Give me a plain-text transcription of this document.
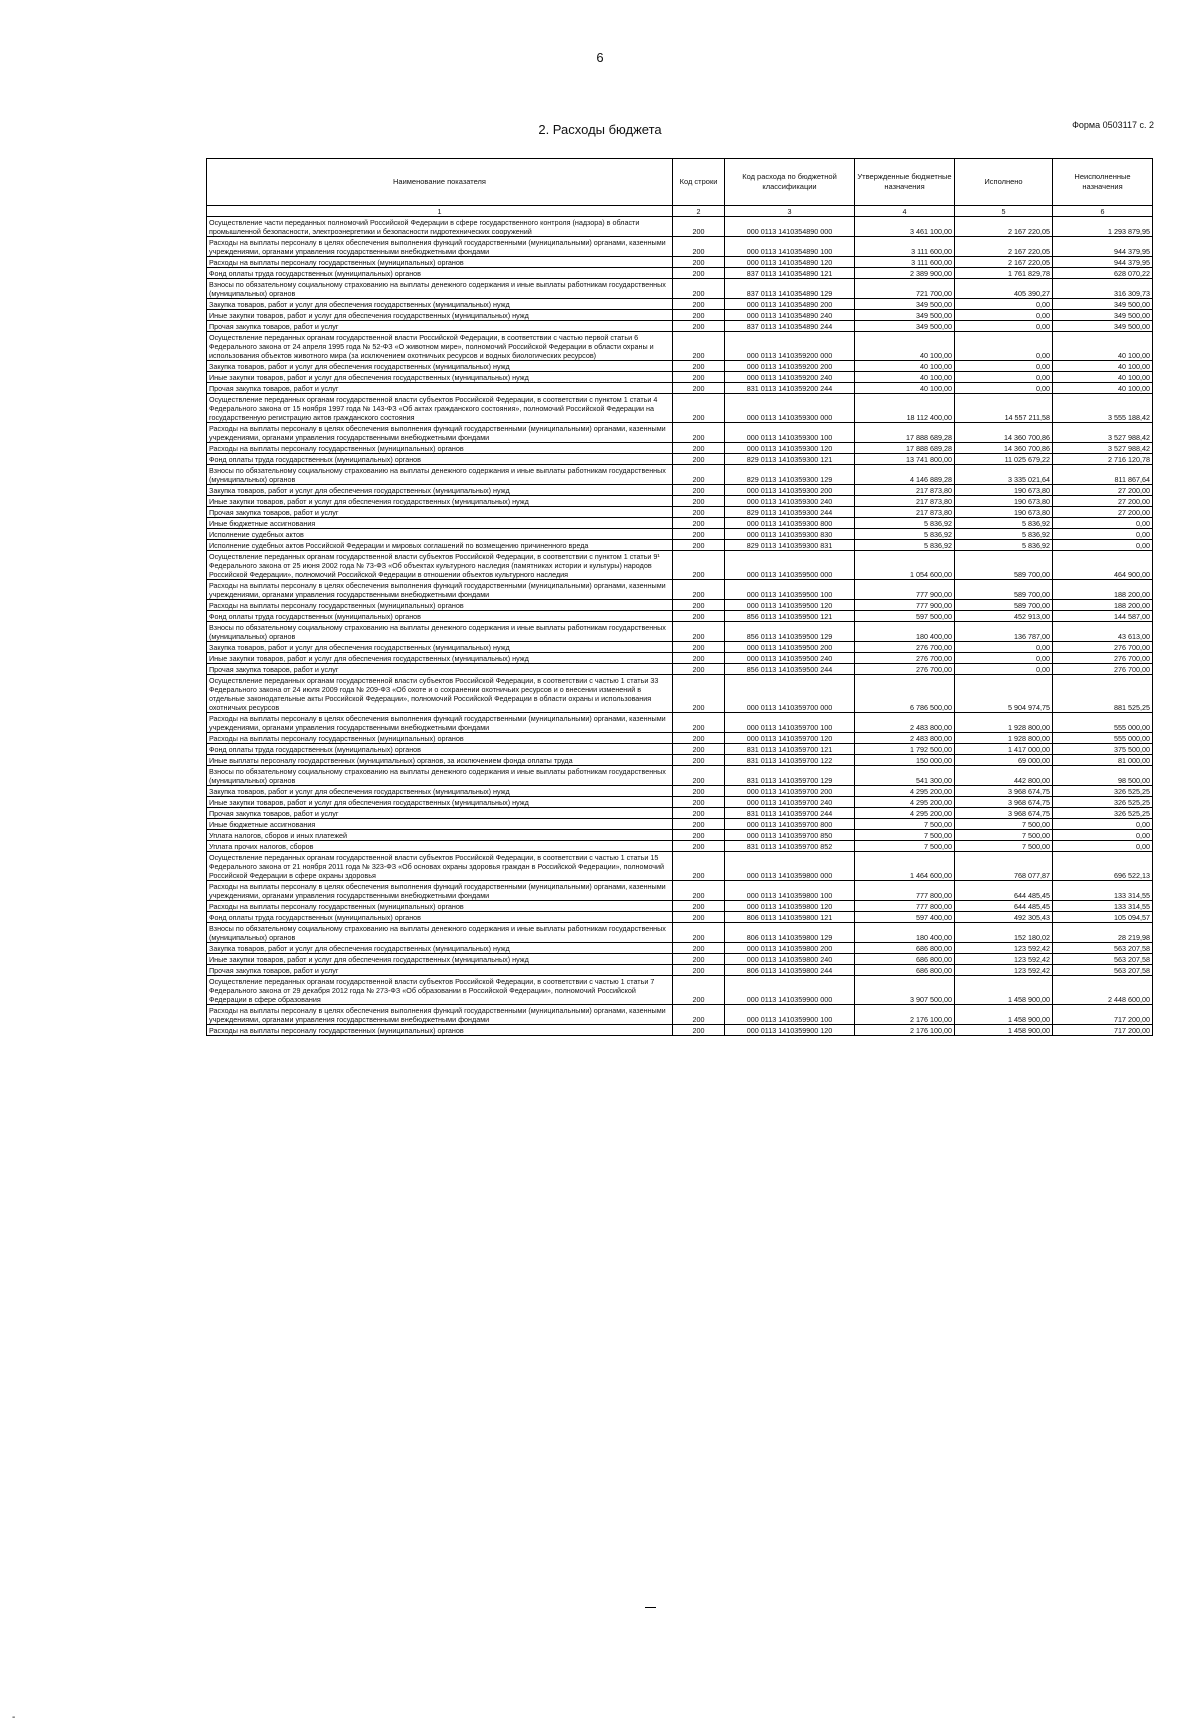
6
Форма 0503117 с. 2
2. Расходы бюджета
Наименование показателя	Код строки	Код расхода по бюджетной классификации	Утвержденные бюджетные назначения	Исполнено	Неисполненные назначения
1	2	3	4	5	6
Осуществление части переданных полномочий Российской Федерации в сфере государственного контроля (надзора) в области промышленной безопасности, электроэнергетики и безопасности гидротехнических сооружений	200	000 0113 1410354890 000	3 461 100,00	2 167 220,05	1 293 879,95
Расходы на выплаты персоналу в целях обеспечения выполнения функций государственными (муниципальными) органами, казенными учреждениями, органами управления государственными внебюджетными фондами	200	000 0113 1410354890 100	3 111 600,00	2 167 220,05	944 379,95
Расходы на выплаты персоналу государственных (муниципальных) органов	200	000 0113 1410354890 120	3 111 600,00	2 167 220,05	944 379,95
Фонд оплаты труда государственных (муниципальных) органов	200	837 0113 1410354890 121	2 389 900,00	1 761 829,78	628 070,22
Взносы по обязательному социальному страхованию на выплаты денежного содержания и иные выплаты работникам государственных (муниципальных) органов	200	837 0113 1410354890 129	721 700,00	405 390,27	316 309,73
Закупка товаров, работ и услуг для обеспечения государственных (муниципальных) нужд	200	000 0113 1410354890 200	349 500,00	0,00	349 500,00
Иные закупки товаров, работ и услуг для обеспечения государственных (муниципальных) нужд	200	000 0113 1410354890 240	349 500,00	0,00	349 500,00
Прочая закупка товаров, работ и услуг	200	837 0113 1410354890 244	349 500,00	0,00	349 500,00
Осуществление переданных органам государственной власти Российской Федерации, в соответствии с частью первой статьи 6 Федерального закона от 24 апреля 1995 года № 52-ФЗ «О животном мире», полномочий Российской Федерации в области охраны и использования объектов животного мира (за исключением охотничьих ресурсов и водных биологических ресурсов)	200	000 0113 1410359200 000	40 100,00	0,00	40 100,00
Закупка товаров, работ и услуг для обеспечения государственных (муниципальных) нужд	200	000 0113 1410359200 200	40 100,00	0,00	40 100,00
Иные закупки товаров, работ и услуг для обеспечения государственных (муниципальных) нужд	200	000 0113 1410359200 240	40 100,00	0,00	40 100,00
Прочая закупка товаров, работ и услуг	200	831 0113 1410359200 244	40 100,00	0,00	40 100,00
Осуществление переданных органам государственной власти субъектов Российской Федерации, в соответствии с пунктом 1 статьи 4 Федерального закона от 15 ноября 1997 года № 143-ФЗ «Об актах гражданского состояния», полномочий Российской Федерации на государственную регистрацию актов гражданского состояния	200	000 0113 1410359300 000	18 112 400,00	14 557 211,58	3 555 188,42
Расходы на выплаты персоналу в целях обеспечения выполнения функций государственными (муниципальными) органами, казенными учреждениями, органами управления государственными внебюджетными фондами	200	000 0113 1410359300 100	17 888 689,28	14 360 700,86	3 527 988,42
Расходы на выплаты персоналу государственных (муниципальных) органов	200	000 0113 1410359300 120	17 888 689,28	14 360 700,86	3 527 988,42
Фонд оплаты труда государственных (муниципальных) органов	200	829 0113 1410359300 121	13 741 800,00	11 025 679,22	2 716 120,78
Взносы по обязательному социальному страхованию на выплаты денежного содержания и иные выплаты работникам государственных (муниципальных) органов	200	829 0113 1410359300 129	4 146 889,28	3 335 021,64	811 867,64
Закупка товаров, работ и услуг для обеспечения государственных (муниципальных) нужд	200	000 0113 1410359300 200	217 873,80	190 673,80	27 200,00
Иные закупки товаров, работ и услуг для обеспечения государственных (муниципальных) нужд	200	000 0113 1410359300 240	217 873,80	190 673,80	27 200,00
Прочая закупка товаров, работ и услуг	200	829 0113 1410359300 244	217 873,80	190 673,80	27 200,00
Иные бюджетные ассигнования	200	000 0113 1410359300 800	5 836,92	5 836,92	0,00
Исполнение судебных актов	200	000 0113 1410359300 830	5 836,92	5 836,92	0,00
Исполнение судебных актов Российской Федерации и мировых соглашений по возмещению причиненного вреда	200	829 0113 1410359300 831	5 836,92	5 836,92	0,00
Осуществление переданных органам государственной власти субъектов Российской Федерации, в соответствии с пунктом 1 статьи 9¹ Федерального закона от 25 июня 2002 года № 73-ФЗ «Об объектах культурного наследия (памятниках истории и культуры) народов Российской Федерации», полномочий Российской Федерации в отношении объектов культурного наследия	200	000 0113 1410359500 000	1 054 600,00	589 700,00	464 900,00
Расходы на выплаты персоналу в целях обеспечения выполнения функций государственными (муниципальными) органами, казенными учреждениями, органами управления государственными внебюджетными фондами	200	000 0113 1410359500 100	777 900,00	589 700,00	188 200,00
Расходы на выплаты персоналу государственных (муниципальных) органов	200	000 0113 1410359500 120	777 900,00	589 700,00	188 200,00
Фонд оплаты труда государственных (муниципальных) органов	200	856 0113 1410359500 121	597 500,00	452 913,00	144 587,00
Взносы по обязательному социальному страхованию на выплаты денежного содержания и иные выплаты работникам государственных (муниципальных) органов	200	856 0113 1410359500 129	180 400,00	136 787,00	43 613,00
Закупка товаров, работ и услуг для обеспечения государственных (муниципальных) нужд	200	000 0113 1410359500 200	276 700,00	0,00	276 700,00
Иные закупки товаров, работ и услуг для обеспечения государственных (муниципальных) нужд	200	000 0113 1410359500 240	276 700,00	0,00	276 700,00
Прочая закупка товаров, работ и услуг	200	856 0113 1410359500 244	276 700,00	0,00	276 700,00
Осуществление переданных органам государственной власти субъектов Российской Федерации, в соответствии с частью 1 статьи 33 Федерального закона от 24 июля 2009 года № 209-ФЗ «Об охоте и о сохранении охотничьих ресурсов и о внесении изменений в отдельные законодательные акты Российской Федерации», полномочий Российской Федерации в области охраны и использования охотничьих ресурсов	200	000 0113 1410359700 000	6 786 500,00	5 904 974,75	881 525,25
Расходы на выплаты персоналу в целях обеспечения выполнения функций государственными (муниципальными) органами, казенными учреждениями, органами управления государственными внебюджетными фондами	200	000 0113 1410359700 100	2 483 800,00	1 928 800,00	555 000,00
Расходы на выплаты персоналу государственных (муниципальных) органов	200	000 0113 1410359700 120	2 483 800,00	1 928 800,00	555 000,00
Фонд оплаты труда государственных (муниципальных) органов	200	831 0113 1410359700 121	1 792 500,00	1 417 000,00	375 500,00
Иные выплаты персоналу государственных (муниципальных) органов, за исключением фонда оплаты труда	200	831 0113 1410359700 122	150 000,00	69 000,00	81 000,00
Взносы по обязательному социальному страхованию на выплаты денежного содержания и иные выплаты работникам государственных (муниципальных) органов	200	831 0113 1410359700 129	541 300,00	442 800,00	98 500,00
Закупка товаров, работ и услуг для обеспечения государственных (муниципальных) нужд	200	000 0113 1410359700 200	4 295 200,00	3 968 674,75	326 525,25
Иные закупки товаров, работ и услуг для обеспечения государственных (муниципальных) нужд	200	000 0113 1410359700 240	4 295 200,00	3 968 674,75	326 525,25
Прочая закупка товаров, работ и услуг	200	831 0113 1410359700 244	4 295 200,00	3 968 674,75	326 525,25
Иные бюджетные ассигнования	200	000 0113 1410359700 800	7 500,00	7 500,00	0,00
Уплата налогов, сборов и иных платежей	200	000 0113 1410359700 850	7 500,00	7 500,00	0,00
Уплата прочих налогов, сборов	200	831 0113 1410359700 852	7 500,00	7 500,00	0,00
Осуществление переданных органам государственной власти субъектов Российской Федерации, в соответствии с частью 1 статьи 15 Федерального закона от 21 ноября 2011 года № 323-ФЗ «Об основах охраны здоровья граждан в Российской Федерации», полномочий Российской Федерации в сфере охраны здоровья	200	000 0113 1410359800 000	1 464 600,00	768 077,87	696 522,13
Расходы на выплаты персоналу в целях обеспечения выполнения функций государственными (муниципальными) органами, казенными учреждениями, органами управления государственными внебюджетными фондами	200	000 0113 1410359800 100	777 800,00	644 485,45	133 314,55
Расходы на выплаты персоналу государственных (муниципальных) органов	200	000 0113 1410359800 120	777 800,00	644 485,45	133 314,55
Фонд оплаты труда государственных (муниципальных) органов	200	806 0113 1410359800 121	597 400,00	492 305,43	105 094,57
Взносы по обязательному социальному страхованию на выплаты денежного содержания и иные выплаты работникам государственных (муниципальных) органов	200	806 0113 1410359800 129	180 400,00	152 180,02	28 219,98
Закупка товаров, работ и услуг для обеспечения государственных (муниципальных) нужд	200	000 0113 1410359800 200	686 800,00	123 592,42	563 207,58
Иные закупки товаров, работ и услуг для обеспечения государственных (муниципальных) нужд	200	000 0113 1410359800 240	686 800,00	123 592,42	563 207,58
Прочая закупка товаров, работ и услуг	200	806 0113 1410359800 244	686 800,00	123 592,42	563 207,58
Осуществление переданных органам государственной власти субъектов Российской Федерации, в соответствии с частью 1 статьи 7 Федерального закона от 29 декабря 2012 года № 273-ФЗ «Об образовании в Российской Федерации», полномочий Российской Федерации в сфере образования	200	000 0113 1410359900 000	3 907 500,00	1 458 900,00	2 448 600,00
Расходы на выплаты персоналу в целях обеспечения выполнения функций государственными (муниципальными) органами, казенными учреждениями, органами управления государственными внебюджетными фондами	200	000 0113 1410359900 100	2 176 100,00	1 458 900,00	717 200,00
Расходы на выплаты персоналу государственных (муниципальных) органов	200	000 0113 1410359900 120	2 176 100,00	1 458 900,00	717 200,00
-
